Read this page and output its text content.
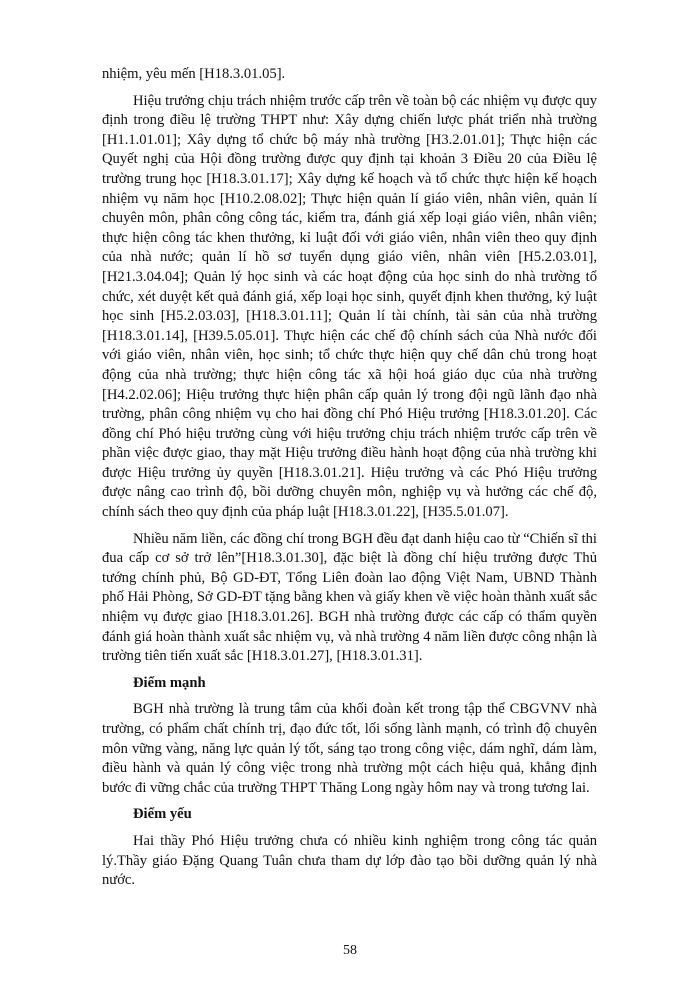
nhiệm, yêu mến [H18.3.01.05].

Hiệu trưởng chịu trách nhiệm trước cấp trên về toàn bộ các nhiệm vụ được quy định trong điều lệ trường THPT như: Xây dựng chiến lược phát triển nhà trường [H1.1.01.01]; Xây dựng tổ chức bộ máy nhà trường [H3.2.01.01]; Thực hiện các Quyết nghị của Hội đồng trường được quy định tại khoản 3 Điều 20 của Điều lệ trường trung học [H18.3.01.17]; Xây dựng kế hoạch và tổ chức thực hiện kế hoạch nhiệm vụ năm học [H10.2.08.02]; Thực hiện quản lí giáo viên, nhân viên, quản lí chuyên môn, phân công công tác, kiểm tra, đánh giá xếp loại giáo viên, nhân viên; thực hiện công tác khen thưởng, kỉ luật đối với giáo viên, nhân viên theo quy định của nhà nước; quản lí hồ sơ tuyển dụng giáo viên, nhân viên [H5.2.03.01], [H21.3.04.04]; Quản lý học sinh và các hoạt động của học sinh do nhà trường tổ chức, xét duyệt kết quả đánh giá, xếp loại học sinh, quyết định khen thưởng, kỷ luật học sinh [H5.2.03.03], [H18.3.01.11]; Quản lí tài chính, tài sản của nhà trường [H18.3.01.14], [H39.5.05.01]. Thực hiện các chế độ chính sách của Nhà nước đối với giáo viên, nhân viên, học sinh; tổ chức thực hiện quy chế dân chủ trong hoạt động của nhà trường; thực hiện công tác xã hội hoá giáo dục của nhà trường [H4.2.02.06]; Hiệu trưởng thực hiện phân cấp quản lý trong đội ngũ lãnh đạo nhà trường, phân công nhiệm vụ cho hai đồng chí Phó Hiệu trưởng [H18.3.01.20]. Các đồng chí Phó hiệu trưởng cùng với hiệu trưởng chịu trách nhiệm trước cấp trên về phần việc được giao, thay mặt Hiệu trưởng điều hành hoạt động của nhà trường khi được Hiệu trưởng ủy quyền [H18.3.01.21]. Hiệu trưởng và các Phó Hiệu trưởng được nâng cao trình độ, bồi dưỡng chuyên môn, nghiệp vụ và hưởng các chế độ, chính sách theo quy định của pháp luật [H18.3.01.22], [H35.5.01.07].

Nhiều năm liền, các đồng chí trong BGH đều đạt danh hiệu cao từ “Chiến sĩ thi đua cấp cơ sở trở lên”[H18.3.01.30], đặc biệt là đồng chí hiệu trưởng được Thủ tướng chính phủ, Bộ GD-ĐT, Tổng Liên đoàn lao động Việt Nam, UBND Thành phố Hải Phòng, Sở GD-ĐT tặng bằng khen và giấy khen về việc hoàn thành xuất sắc nhiệm vụ được giao [H18.3.01.26]. BGH nhà trường được các cấp có thẩm quyền đánh giá hoàn thành xuất sắc nhiệm vụ, và nhà trường 4 năm liền được công nhận là trường tiên tiến xuất sắc [H18.3.01.27], [H18.3.01.31].

Điểm mạnh

BGH nhà trường là trung tâm của khối đoàn kết trong tập thể CBGVNV nhà trường, có phẩm chất chính trị, đạo đức tốt, lối sống lành mạnh, có trình độ chuyên môn vững vàng, năng lực quản lý tốt, sáng tạo trong công việc, dám nghĩ, dám làm, điều hành và quản lý công việc trong nhà trường một cách hiệu quả, khẳng định bước đi vững chắc của trường THPT Thăng Long ngày hôm nay và trong tương lai.

Điểm yếu

Hai thầy Phó Hiệu trưởng chưa có nhiều kinh nghiệm trong công tác quản lý.Thầy giáo Đặng Quang Tuân chưa tham dự lớp đào tạo bồi dưỡng quản lý nhà nước.

58
